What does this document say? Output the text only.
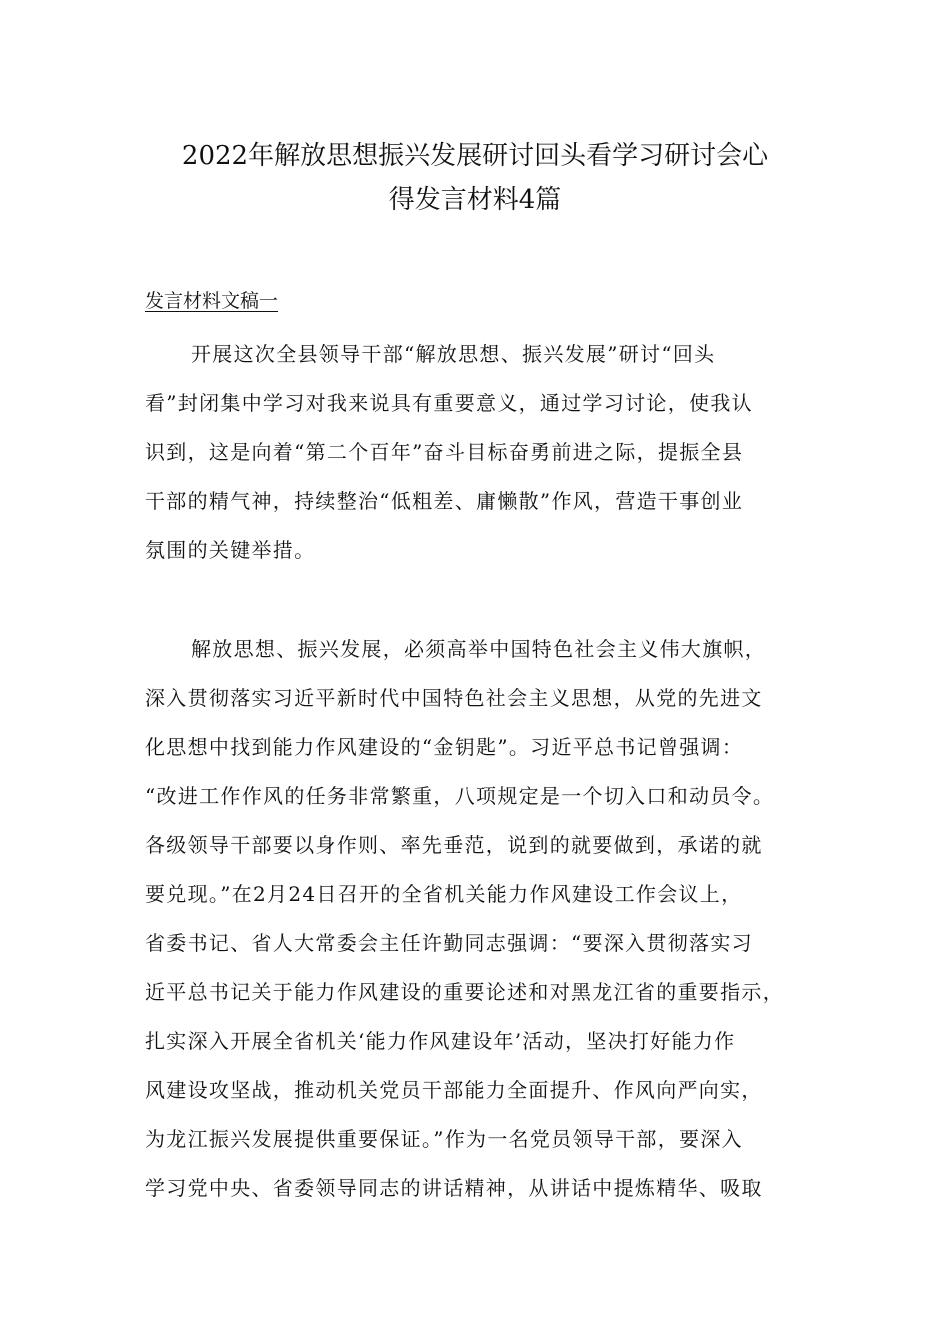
2022年解放思想振兴发展研讨回头看学习研讨会心
得发言材料4篇
发言材料文稿一
开展这次全县领导干部“解放思想、振兴发展”研讨“回头
看”封闭集中学习对我来说具有重要意义，通过学习讨论，使我认
识到，这是向着“第二个百年”奋斗目标奋勇前进之际，提振全县
干部的精气神，持续整治“低粗差、庸懒散”作风，营造干事创业
氛围的关键举措。
解放思想、振兴发展，必须高举中国特色社会主义伟大旗帜，
深入贯彻落实习近平新时代中国特色社会主义思想，从党的先进文
化思想中找到能力作风建设的“金钥匙”。习近平总书记曾强调：
“改进工作作风的任务非常繁重，八项规定是一个切入口和动员令。
各级领导干部要以身作则、率先垂范，说到的就要做到，承诺的就
要兑现。”在2月24日召开的全省机关能力作风建设工作会议上，
省委书记、省人大常委会主任许勤同志强调：“要深入贯彻落实习
近平总书记关于能力作风建设的重要论述和对黑龙江省的重要指示，
扎实深入开展全省机关‘能力作风建设年’活动，坚决打好能力作
风建设攻坚战，推动机关党员干部能力全面提升、作风向严向实，
为龙江振兴发展提供重要保证。”作为一名党员领导干部，要深入
学习党中央、省委领导同志的讲话精神，从讲话中提炼精华、吸取
